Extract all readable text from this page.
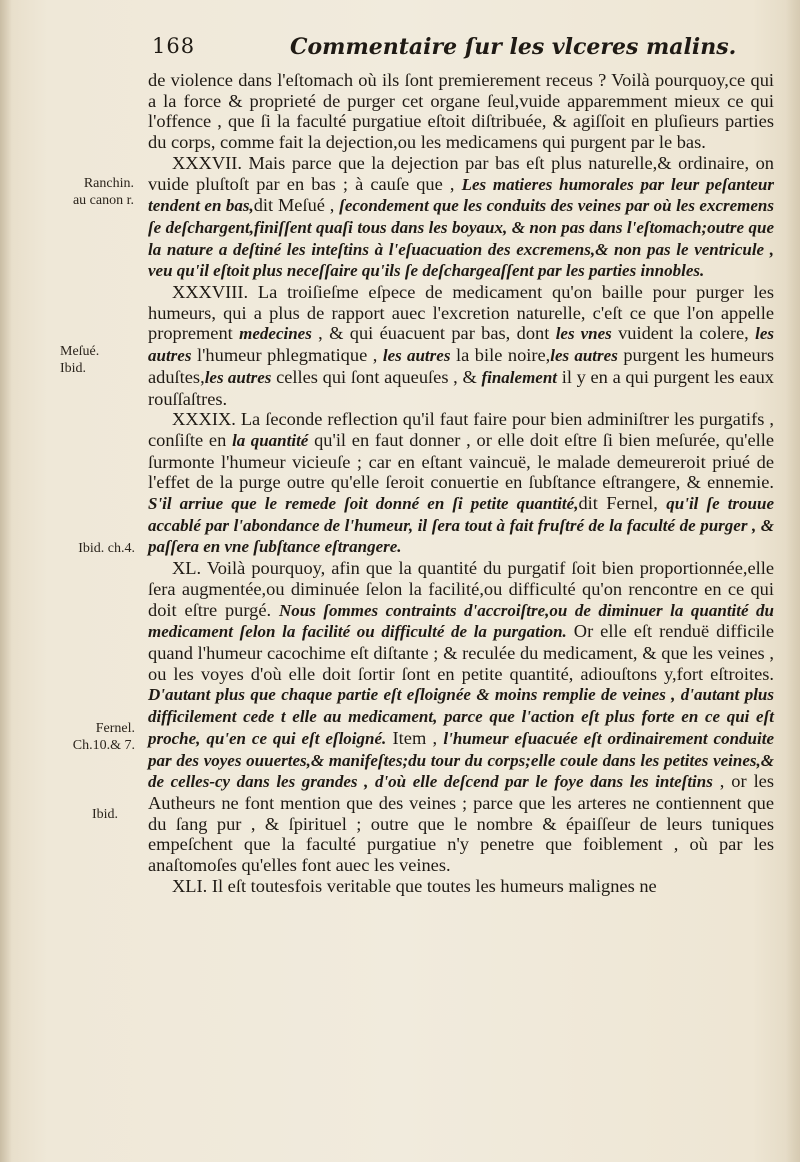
168	Commentaire ſur les vlceres malins.
Ranchin.
au canon r.
Meſué.
Ibid.
Ibid. ch.4.
Fernel.
Ch.10.& 7.
Ibid.

de violence dans l'eſtomach où ils ſont premierement receus ? Voilà pourquoy,ce qui a la force & proprieté de purger cet organe ſeul,vuide apparemment mieux ce qui l'offence , que ſi la faculté purgatiue eſtoit diſtribuée, & agiſſoit en pluſieurs parties du corps, comme fait la dejection,ou les medicamens qui purgent par le bas.

XXXVII. Mais parce que la dejection par bas eſt plus naturelle,& ordinaire, on vuide pluſtoſt par en bas ; à cauſe que , Les matieres humorales par leur peſanteur tendent en bas,dit Meſué , ſecondement que les conduits des veines par où les excremens ſe deſchargent,finiſſent quaſi tous dans les boyaux, & non pas dans l'eſtomach;outre que la nature a deſtiné les inteſtins à l'eſuacuation des excremens,& non pas le ventricule , veu qu'il eſtoit plus neceſſaire qu'ils ſe deſchargeaſſent par les parties innobles.

XXXVIII. La troiſieſme eſpece de medicament qu'on baille pour purger les humeurs, qui a plus de rapport auec l'excretion naturelle, c'eſt ce que l'on appelle proprement medecines , & qui éuacuent par bas, dont les vnes vuident la colere, les autres l'humeur phlegmatique , les autres la bile noire,les autres purgent les humeurs aduſtes,les autres celles qui ſont aqueuſes , & finalement il y en a qui purgent les eaux rouſſaſtres.

XXXIX. La ſeconde reflection qu'il faut faire pour bien adminiſtrer les purgatifs , conſiſte en la quantité qu'il en faut donner , or elle doit eſtre ſi bien meſurée, qu'elle ſurmonte l'humeur vicieuſe ; car en eſtant vaincuë, le malade demeureroit priué de l'effet de la purge outre qu'elle ſeroit conuertie en ſubſtance eſtrangere, & ennemie. S'il arriue que le remede ſoit donné en ſi petite quantité,dit Fernel, qu'il ſe trouue accablé par l'abondance de l'humeur, il ſera tout à fait fruſtré de la faculté de purger , & paſſera en vne ſubſtance eſtrangere.

XL. Voilà pourquoy, afin que la quantité du purgatif ſoit bien proportionnée,elle ſera augmentée,ou diminuée ſelon la facilité,ou difficulté qu'on rencontre en ce qui doit eſtre purgé. Nous ſommes contraints d'accroiſtre,ou de diminuer la quantité du medicament ſelon la facilité ou difficulté de la purgation. Or elle eſt renduë difficile quand l'humeur cacochime eſt diſtante ; & reculée du medicament, & que les veines , ou les voyes d'où elle doit ſortir ſont en petite quantité, adiouſtons y,fort eſtroites. D'autant plus que chaque partie eſt eſloignée & moins remplie de veines , d'autant plus difficilement cede t elle au medicament, parce que l'action eſt plus forte en ce qui eſt proche, qu'en ce qui eſt eſloigné. Item , l'humeur eſuacuée eſt ordinairement conduite par des voyes ouuertes,& manifeſtes;du tour du corps;elle coule dans les petites veines,& de celles-cy dans les grandes , d'où elle deſcend par le foye dans les inteſtins , or les Autheurs ne font mention que des veines ; parce que les arteres ne contiennent que du ſang pur , & ſpirituel ; outre que le nombre & épaiſſeur de leurs tuniques empeſchent que la faculté purgatiue n'y penetre que foiblement , où par les anaſtomoſes qu'elles font auec les veines.

XLI. Il eſt toutesfois veritable que toutes les humeurs malignes ne
